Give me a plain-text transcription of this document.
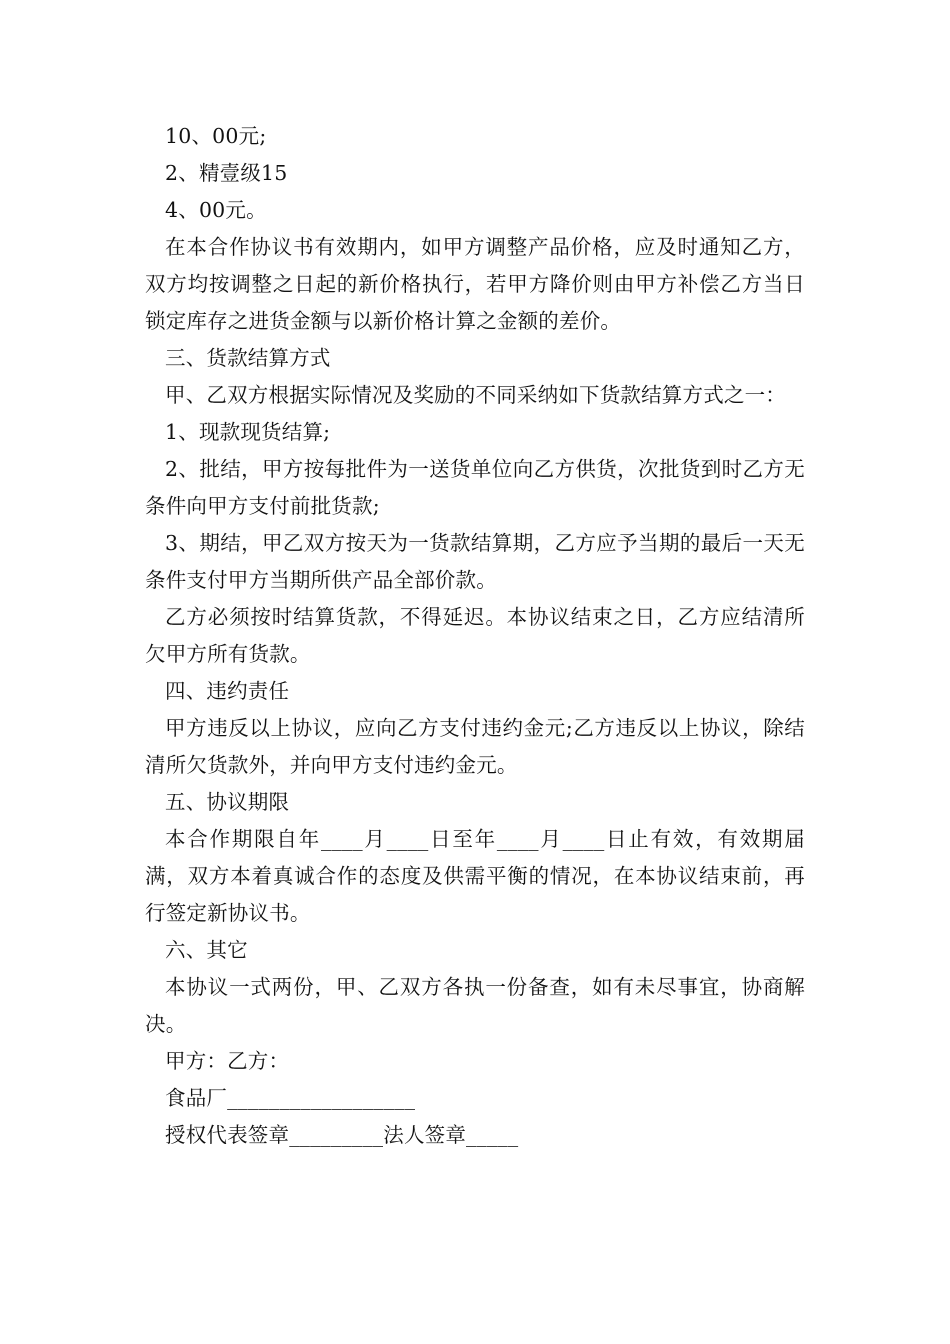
10、00元;

2、精壹级15

4、00元。

在本合作协议书有效期内，如甲方调整产品价格，应及时通知乙方，双方均按调整之日起的新价格执行，若甲方降价则由甲方补偿乙方当日锁定库存之进货金额与以新价格计算之金额的差价。

三、货款结算方式

甲、乙双方根据实际情况及奖励的不同采纳如下货款结算方式之一：

1、现款现货结算;

2、批结，甲方按每批件为一送货单位向乙方供货，次批货到时乙方无条件向甲方支付前批货款;

3、期结，甲乙双方按天为一货款结算期，乙方应予当期的最后一天无条件支付甲方当期所供产品全部价款。

乙方必须按时结算货款，不得延迟。本协议结束之日，乙方应结清所欠甲方所有货款。

四、违约责任

甲方违反以上协议，应向乙方支付违约金元;乙方违反以上协议，除结清所欠货款外，并向甲方支付违约金元。

五、协议期限

本合作期限自年____月____日至年____月____日止有效，有效期届满，双方本着真诚合作的态度及供需平衡的情况，在本协议结束前，再行签定新协议书。

六、其它

本协议一式两份，甲、乙双方各执一份备查，如有未尽事宜，协商解决。

甲方：乙方：

食品厂__________________

授权代表签章_________法人签章_____
